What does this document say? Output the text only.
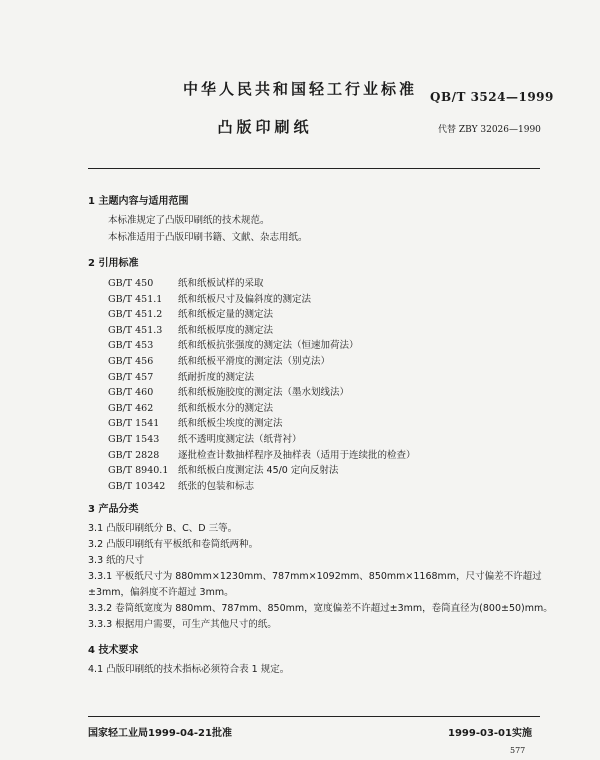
中华人民共和国轻工行业标准	QB/T 3524—1999
凸版印刷纸	代替 ZBY 32026—1990
1 主题内容与适用范围
本标准规定了凸版印刷纸的技术规范。
本标准适用于凸版印刷书籍、文献、杂志用纸。
2 引用标准
GB/T 450	纸和纸板试样的采取
GB/T 451.1 纸和纸板尺寸及偏斜度的测定法
GB/T 451.2 纸和纸板定量的测定法
GB/T 451.3 纸和纸板厚度的测定法
GB/T 453	纸和纸板抗张强度的测定法（恒速加荷法）
GB/T 456	纸和纸板平滑度的测定法（别克法）
GB/T 457	纸耐折度的测定法
GB/T 460	纸和纸板施胶度的测定法（墨水划线法）
GB/T 462	纸和纸板水分的测定法
GB/T 1541 纸和纸板尘埃度的测定法
GB/T 1543 纸不透明度测定法（纸背衬）
GB/T 2828 逐批检查计数抽样程序及抽样表（适用于连续批的检查）
GB/T 8940.1 纸和纸板白度测定法 45/0 定向反射法
GB/T 10342 纸张的包装和标志
3 产品分类
3.1 凸版印刷纸分 B、C、D 三等。
3.2 凸版印刷纸有平板纸和卷筒纸两种。
3.3 纸的尺寸
3.3.1 平板纸尺寸为 880mm×1230mm、787mm×1092mm、850mm×1168mm，尺寸偏差不许超过
±3mm，偏斜度不许超过 3mm。
3.3.2 卷筒纸宽度为 880mm、787mm、850mm，宽度偏差不许超过±3mm，卷筒直径为(800±50)mm。
3.3.3 根据用户需要，可生产其他尺寸的纸。
4 技术要求
4.1 凸版印刷纸的技术指标必须符合表 1 规定。
国家轻工业局1999-04-21批准	1999-03-01实施
577
